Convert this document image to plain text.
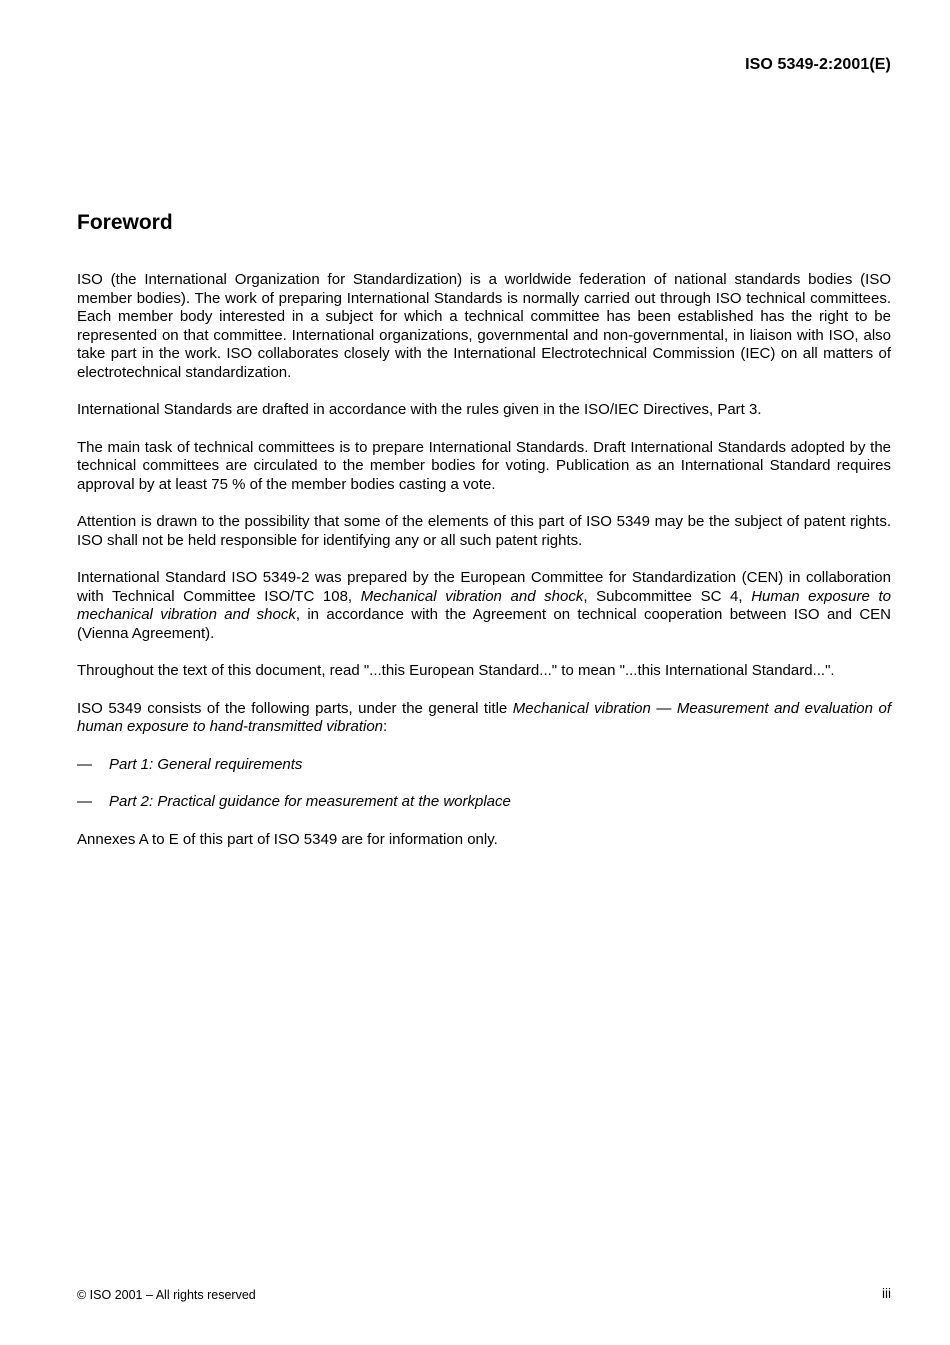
ISO 5349-2:2001(E)
Foreword

ISO (the International Organization for Standardization) is a worldwide federation of national standards bodies (ISO member bodies). The work of preparing International Standards is normally carried out through ISO technical committees. Each member body interested in a subject for which a technical committee has been established has the right to be represented on that committee. International organizations, governmental and non-governmental, in liaison with ISO, also take part in the work. ISO collaborates closely with the International Electrotechnical Commission (IEC) on all matters of electrotechnical standardization.

International Standards are drafted in accordance with the rules given in the ISO/IEC Directives, Part 3.

The main task of technical committees is to prepare International Standards. Draft International Standards adopted by the technical committees are circulated to the member bodies for voting. Publication as an International Standard requires approval by at least 75 % of the member bodies casting a vote.

Attention is drawn to the possibility that some of the elements of this part of ISO 5349 may be the subject of patent rights. ISO shall not be held responsible for identifying any or all such patent rights.

International Standard ISO 5349-2 was prepared by the European Committee for Standardization (CEN) in collaboration with Technical Committee ISO/TC 108, Mechanical vibration and shock, Subcommittee SC 4, Human exposure to mechanical vibration and shock, in accordance with the Agreement on technical cooperation between ISO and CEN (Vienna Agreement).

Throughout the text of this document, read "...this European Standard..." to mean "...this International Standard...".

ISO 5349 consists of the following parts, under the general title Mechanical vibration — Measurement and evaluation of human exposure to hand-transmitted vibration:

—	Part 1: General requirements
—	Part 2: Practical guidance for measurement at the workplace

Annexes A to E of this part of ISO 5349 are for information only.

© ISO 2001 – All rights reserved	iii
